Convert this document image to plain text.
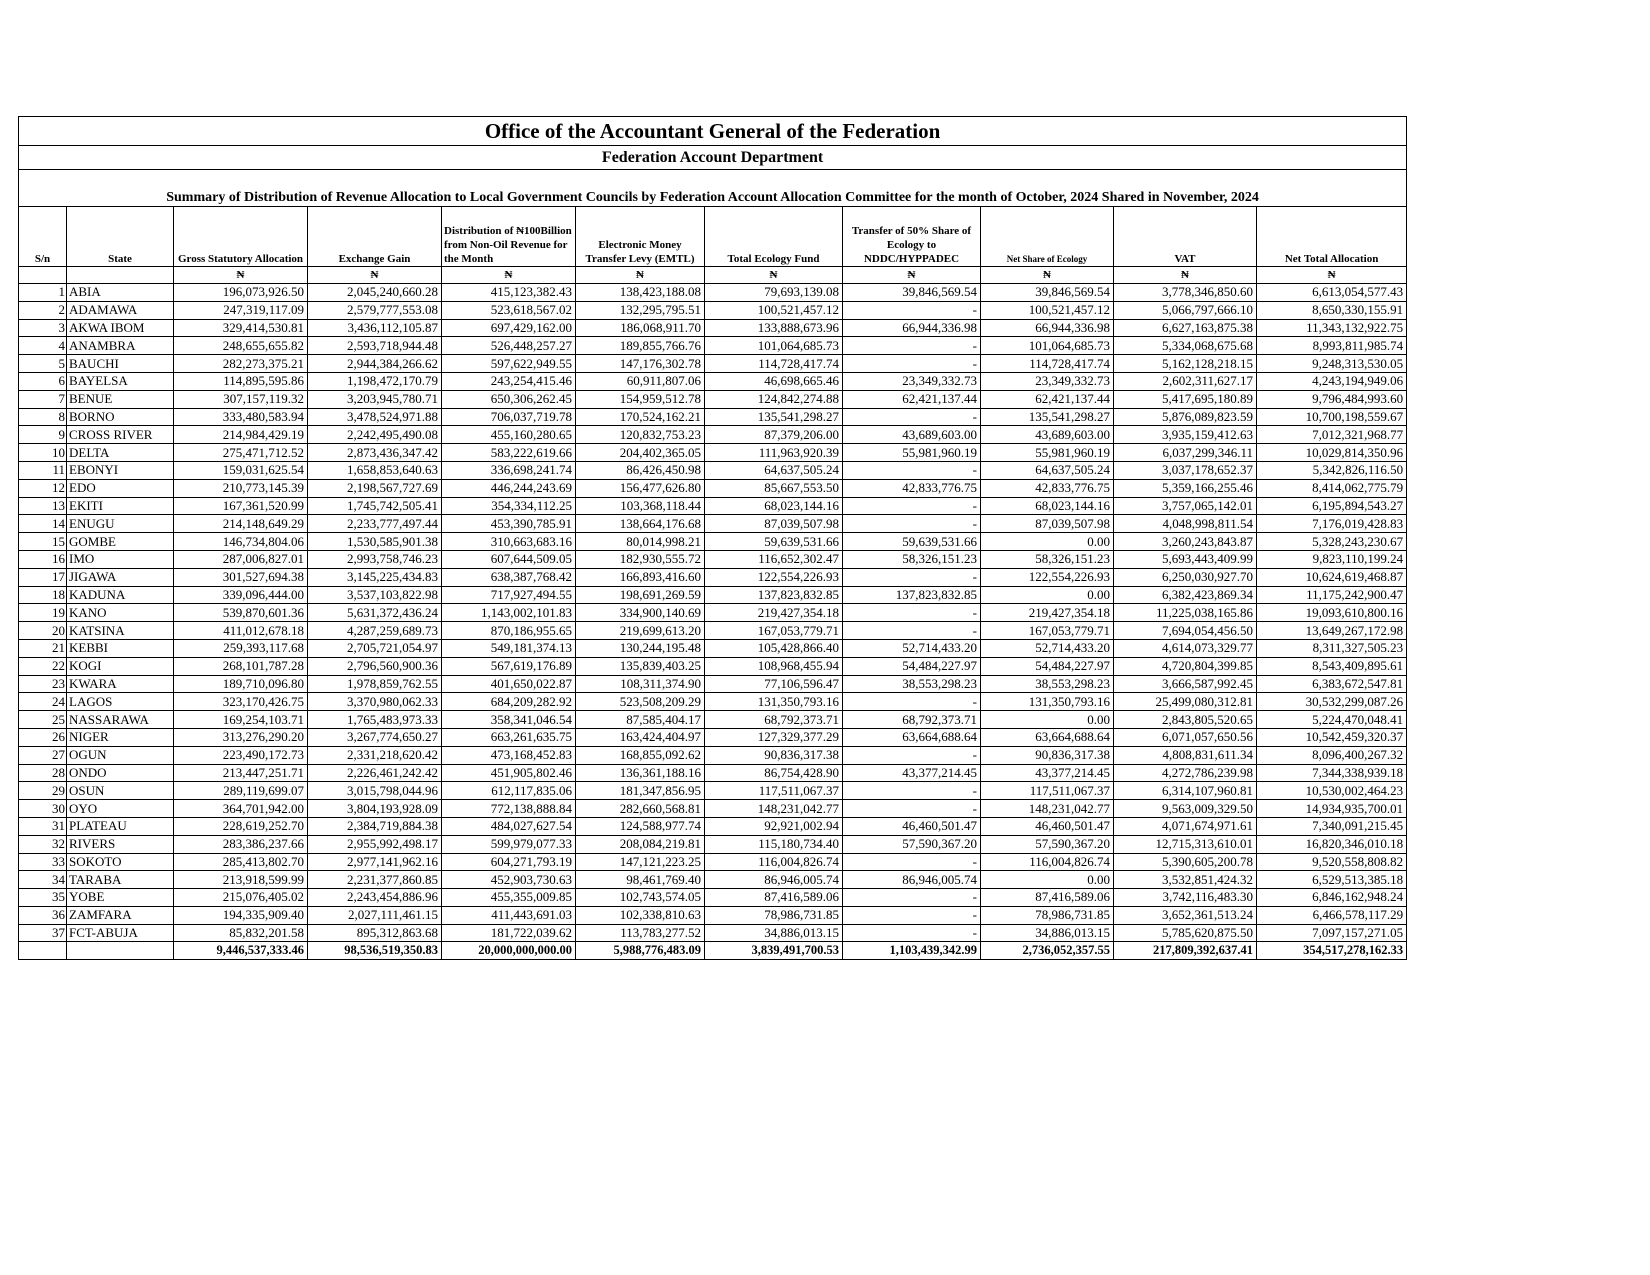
Office of the Accountant General of the Federation										
Federation Account Department										
Summary of Distribution of Revenue Allocation to Local Government Councils by Federation Account Allocation Committee for the month of October, 2024 Shared in November, 2024										
S/n	State	Gross Statutory Allocation	Exchange Gain	Distribution of ₦100Billion from Non-Oil Revenue for the Month	Electronic Money Transfer Levy (EMTL)	Total Ecology Fund	Transfer of 50% Share of Ecology to NDDC/HYPPADEC	Net Share of Ecology	VAT	Net Total Allocation
		₦	₦	₦	₦	₦	₦	₦	₦	₦
1	ABIA	196,073,926.50	2,045,240,660.28	415,123,382.43	138,423,188.08	79,693,139.08	39,846,569.54	39,846,569.54	3,778,346,850.60	6,613,054,577.43
2	ADAMAWA	247,319,117.09	2,579,777,553.08	523,618,567.02	132,295,795.51	100,521,457.12	-	100,521,457.12	5,066,797,666.10	8,650,330,155.91
3	AKWA IBOM	329,414,530.81	3,436,112,105.87	697,429,162.00	186,068,911.70	133,888,673.96	66,944,336.98	66,944,336.98	6,627,163,875.38	11,343,132,922.75
4	ANAMBRA	248,655,655.82	2,593,718,944.48	526,448,257.27	189,855,766.76	101,064,685.73	-	101,064,685.73	5,334,068,675.68	8,993,811,985.74
5	BAUCHI	282,273,375.21	2,944,384,266.62	597,622,949.55	147,176,302.78	114,728,417.74	-	114,728,417.74	5,162,128,218.15	9,248,313,530.05
6	BAYELSA	114,895,595.86	1,198,472,170.79	243,254,415.46	60,911,807.06	46,698,665.46	23,349,332.73	23,349,332.73	2,602,311,627.17	4,243,194,949.06
7	BENUE	307,157,119.32	3,203,945,780.71	650,306,262.45	154,959,512.78	124,842,274.88	62,421,137.44	62,421,137.44	5,417,695,180.89	9,796,484,993.60
8	BORNO	333,480,583.94	3,478,524,971.88	706,037,719.78	170,524,162.21	135,541,298.27	-	135,541,298.27	5,876,089,823.59	10,700,198,559.67
9	CROSS RIVER	214,984,429.19	2,242,495,490.08	455,160,280.65	120,832,753.23	87,379,206.00	43,689,603.00	43,689,603.00	3,935,159,412.63	7,012,321,968.77
10	DELTA	275,471,712.52	2,873,436,347.42	583,222,619.66	204,402,365.05	111,963,920.39	55,981,960.19	55,981,960.19	6,037,299,346.11	10,029,814,350.96
11	EBONYI	159,031,625.54	1,658,853,640.63	336,698,241.74	86,426,450.98	64,637,505.24	-	64,637,505.24	3,037,178,652.37	5,342,826,116.50
12	EDO	210,773,145.39	2,198,567,727.69	446,244,243.69	156,477,626.80	85,667,553.50	42,833,776.75	42,833,776.75	5,359,166,255.46	8,414,062,775.79
13	EKITI	167,361,520.99	1,745,742,505.41	354,334,112.25	103,368,118.44	68,023,144.16	-	68,023,144.16	3,757,065,142.01	6,195,894,543.27
14	ENUGU	214,148,649.29	2,233,777,497.44	453,390,785.91	138,664,176.68	87,039,507.98	-	87,039,507.98	4,048,998,811.54	7,176,019,428.83
15	GOMBE	146,734,804.06	1,530,585,901.38	310,663,683.16	80,014,998.21	59,639,531.66	59,639,531.66	0.00	3,260,243,843.87	5,328,243,230.67
16	IMO	287,006,827.01	2,993,758,746.23	607,644,509.05	182,930,555.72	116,652,302.47	58,326,151.23	58,326,151.23	5,693,443,409.99	9,823,110,199.24
17	JIGAWA	301,527,694.38	3,145,225,434.83	638,387,768.42	166,893,416.60	122,554,226.93	-	122,554,226.93	6,250,030,927.70	10,624,619,468.87
18	KADUNA	339,096,444.00	3,537,103,822.98	717,927,494.55	198,691,269.59	137,823,832.85	137,823,832.85	0.00	6,382,423,869.34	11,175,242,900.47
19	KANO	539,870,601.36	5,631,372,436.24	1,143,002,101.83	334,900,140.69	219,427,354.18	-	219,427,354.18	11,225,038,165.86	19,093,610,800.16
20	KATSINA	411,012,678.18	4,287,259,689.73	870,186,955.65	219,699,613.20	167,053,779.71	-	167,053,779.71	7,694,054,456.50	13,649,267,172.98
21	KEBBI	259,393,117.68	2,705,721,054.97	549,181,374.13	130,244,195.48	105,428,866.40	52,714,433.20	52,714,433.20	4,614,073,329.77	8,311,327,505.23
22	KOGI	268,101,787.28	2,796,560,900.36	567,619,176.89	135,839,403.25	108,968,455.94	54,484,227.97	54,484,227.97	4,720,804,399.85	8,543,409,895.61
23	KWARA	189,710,096.80	1,978,859,762.55	401,650,022.87	108,311,374.90	77,106,596.47	38,553,298.23	38,553,298.23	3,666,587,992.45	6,383,672,547.81
24	LAGOS	323,170,426.75	3,370,980,062.33	684,209,282.92	523,508,209.29	131,350,793.16	-	131,350,793.16	25,499,080,312.81	30,532,299,087.26
25	NASSARAWA	169,254,103.71	1,765,483,973.33	358,341,046.54	87,585,404.17	68,792,373.71	68,792,373.71	0.00	2,843,805,520.65	5,224,470,048.41
26	NIGER	313,276,290.20	3,267,774,650.27	663,261,635.75	163,424,404.97	127,329,377.29	63,664,688.64	63,664,688.64	6,071,057,650.56	10,542,459,320.37
27	OGUN	223,490,172.73	2,331,218,620.42	473,168,452.83	168,855,092.62	90,836,317.38	-	90,836,317.38	4,808,831,611.34	8,096,400,267.32
28	ONDO	213,447,251.71	2,226,461,242.42	451,905,802.46	136,361,188.16	86,754,428.90	43,377,214.45	43,377,214.45	4,272,786,239.98	7,344,338,939.18
29	OSUN	289,119,699.07	3,015,798,044.96	612,117,835.06	181,347,856.95	117,511,067.37	-	117,511,067.37	6,314,107,960.81	10,530,002,464.23
30	OYO	364,701,942.00	3,804,193,928.09	772,138,888.84	282,660,568.81	148,231,042.77	-	148,231,042.77	9,563,009,329.50	14,934,935,700.01
31	PLATEAU	228,619,252.70	2,384,719,884.38	484,027,627.54	124,588,977.74	92,921,002.94	46,460,501.47	46,460,501.47	4,071,674,971.61	7,340,091,215.45
32	RIVERS	283,386,237.66	2,955,992,498.17	599,979,077.33	208,084,219.81	115,180,734.40	57,590,367.20	57,590,367.20	12,715,313,610.01	16,820,346,010.18
33	SOKOTO	285,413,802.70	2,977,141,962.16	604,271,793.19	147,121,223.25	116,004,826.74	-	116,004,826.74	5,390,605,200.78	9,520,558,808.82
34	TARABA	213,918,599.99	2,231,377,860.85	452,903,730.63	98,461,769.40	86,946,005.74	86,946,005.74	0.00	3,532,851,424.32	6,529,513,385.18
35	YOBE	215,076,405.02	2,243,454,886.96	455,355,009.85	102,743,574.05	87,416,589.06	-	87,416,589.06	3,742,116,483.30	6,846,162,948.24
36	ZAMFARA	194,335,909.40	2,027,111,461.15	411,443,691.03	102,338,810.63	78,986,731.85	-	78,986,731.85	3,652,361,513.24	6,466,578,117.29
37	FCT-ABUJA	85,832,201.58	895,312,863.68	181,722,039.62	113,783,277.52	34,886,013.15	-	34,886,013.15	5,785,620,875.50	7,097,157,271.05
		9,446,537,333.46	98,536,519,350.83	20,000,000,000.00	5,988,776,483.09	3,839,491,700.53	1,103,439,342.99	2,736,052,357.55	217,809,392,637.41	354,517,278,162.33
